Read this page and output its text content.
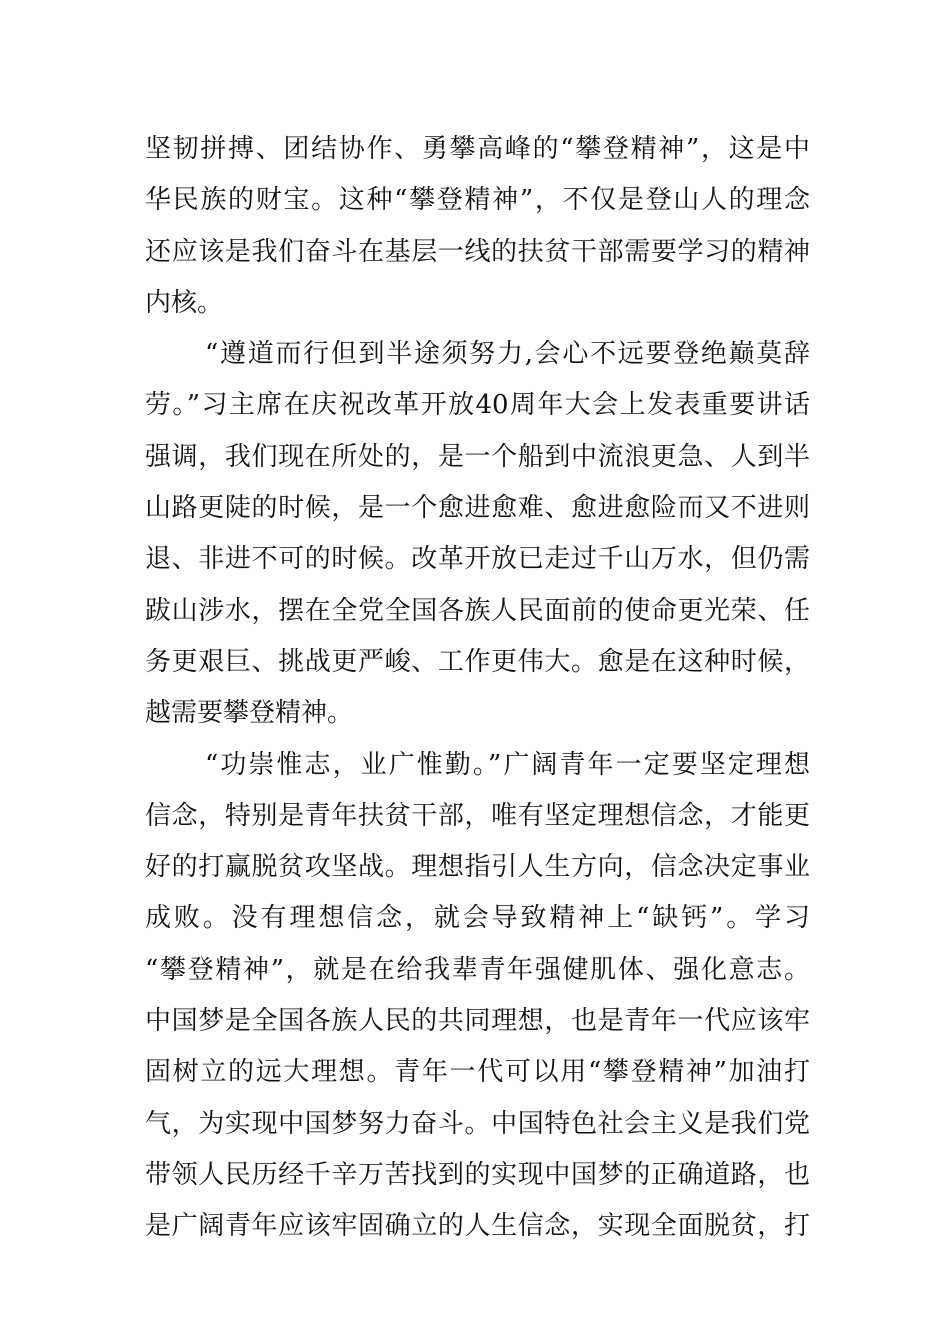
坚韧拼搏、团结协作、勇攀高峰的“攀登精神”，这是中
华民族的财宝。这种“攀登精神”，不仅是登山人的理念
还应该是我们奋斗在基层一线的扶贫干部需要学习的精神
内核。
“遵道而行但到半途须努力,会心不远要登绝巅莫辞
劳。”习主席在庆祝改革开放40周年大会上发表重要讲话
强调，我们现在所处的，是一个船到中流浪更急、人到半
山路更陡的时候，是一个愈进愈难、愈进愈险而又不进则
退、非进不可的时候。改革开放已走过千山万水，但仍需
跋山涉水，摆在全党全国各族人民面前的使命更光荣、任
务更艰巨、挑战更严峻、工作更伟大。愈是在这种时候，
越需要攀登精神。
“功崇惟志，业广惟勤。”广阔青年一定要坚定理想
信念，特别是青年扶贫干部，唯有坚定理想信念，才能更
好的打赢脱贫攻坚战。理想指引人生方向，信念决定事业
成败。没有理想信念，就会导致精神上“缺钙”。学习
“攀登精神”，就是在给我辈青年强健肌体、强化意志。
中国梦是全国各族人民的共同理想，也是青年一代应该牢
固树立的远大理想。青年一代可以用“攀登精神”加油打
气，为实现中国梦努力奋斗。中国特色社会主义是我们党
带领人民历经千辛万苦找到的实现中国梦的正确道路，也
是广阔青年应该牢固确立的人生信念，实现全面脱贫，打
